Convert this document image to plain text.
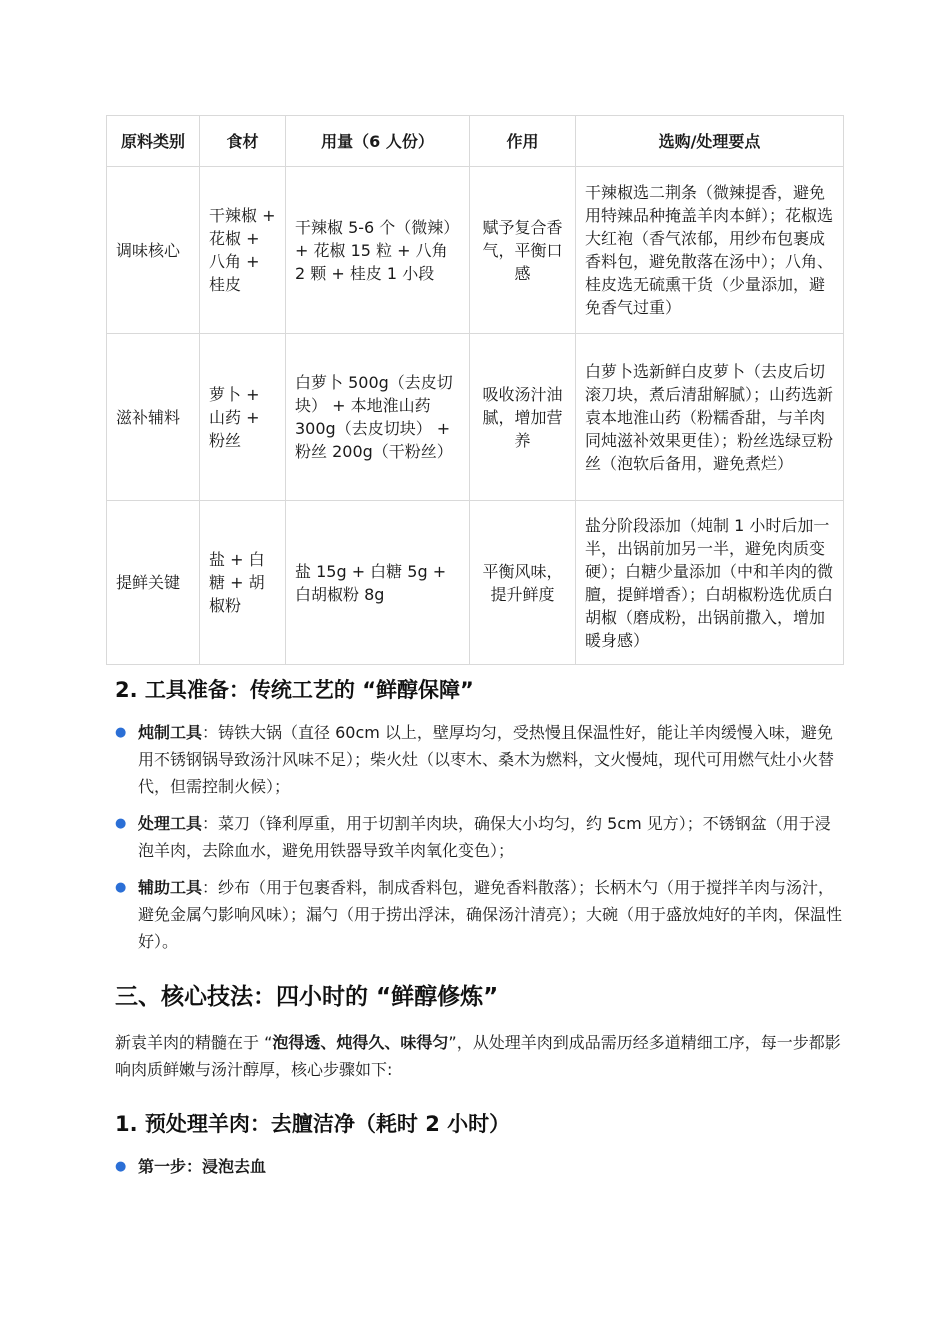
原料类别	食材	用量（6 人份）	作用	选购/处理要点
调味核心	干辣椒 + 花椒 + 八角 + 桂皮	干辣椒 5-6 个（微辣） + 花椒 15 粒 + 八角 2 颗 + 桂皮 1 小段	赋予复合香气，平衡口感	干辣椒选二荆条（微辣提香，避免用特辣品种掩盖羊肉本鲜）；花椒选大红袍（香气浓郁，用纱布包裹成香料包，避免散落在汤中）；八角、桂皮选无硫熏干货（少量添加，避免香气过重）
滋补辅料	萝卜 + 山药 + 粉丝	白萝卜 500g（去皮切块） + 本地淮山药 300g（去皮切块） + 粉丝 200g（干粉丝）	吸收汤汁油腻，增加营养	白萝卜选新鲜白皮萝卜（去皮后切滚刀块，煮后清甜解腻）；山药选新袁本地淮山药（粉糯香甜，与羊肉同炖滋补效果更佳）；粉丝选绿豆粉丝（泡软后备用，避免煮烂）
提鲜关键	盐 + 白糖 + 胡椒粉	盐 15g + 白糖 5g + 白胡椒粉 8g	平衡风味，提升鲜度	盐分阶段添加（炖制 1 小时后加一半，出锅前加另一半，避免肉质变硬）；白糖少量添加（中和羊肉的微膻，提鲜增香）；白胡椒粉选优质白胡椒（磨成粉，出锅前撒入，增加暖身感）
2. 工具准备：传统工艺的 “鲜醇保障”
● 炖制工具：铸铁大锅（直径 60cm 以上，壁厚均匀，受热慢且保温性好，能让羊肉缓慢入味，避免用不锈钢锅导致汤汁风味不足）；柴火灶（以枣木、桑木为燃料，文火慢炖，现代可用燃气灶小火替代，但需控制火候）；
● 处理工具：菜刀（锋利厚重，用于切割羊肉块，确保大小均匀，约 5cm 见方）；不锈钢盆（用于浸泡羊肉，去除血水，避免用铁器导致羊肉氧化变色）；
● 辅助工具：纱布（用于包裹香料，制成香料包，避免香料散落）；长柄木勺（用于搅拌羊肉与汤汁，避免金属勺影响风味）；漏勺（用于捞出浮沫，确保汤汁清亮）；大碗（用于盛放炖好的羊肉，保温性好）。
三、核心技法：四小时的 “鲜醇修炼”

新袁羊肉的精髓在于 “泡得透、炖得久、味得匀”，从处理羊肉到成品需历经多道精细工序，每一步都影响肉质鲜嫩与汤汁醇厚，核心步骤如下:

1. 预处理羊肉：去膻洁净（耗时 2 小时）
● 第一步：浸泡去血
